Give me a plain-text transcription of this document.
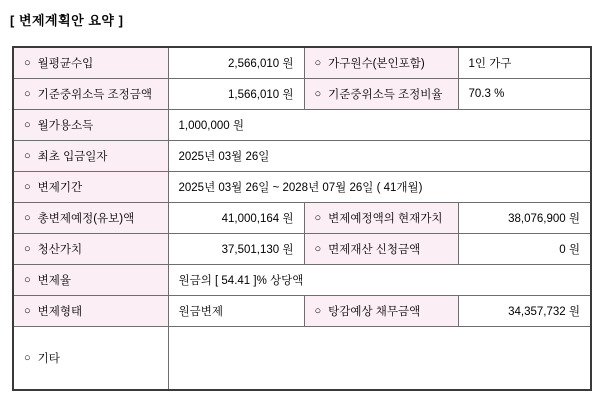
[ 변제계획안 요약 ]
○ 월평균수입	2,566,010 원	○ 가구원수(본인포함)	1인 가구
○ 기준중위소득 조정금액	1,566,010 원	○ 기준중위소득 조정비율	70.3 %
○ 월가용소득	1,000,000 원		
○ 최초 입금일자	2025년 03월 26일		
○ 변제기간	2025년 03월 26일 ~ 2028년 07월 26일 ( 41개월)		
○ 총변제예정(유보)액	41,000,164 원	○ 변제예정액의 현재가치	38,076,900 원
○ 청산가치	37,501,130 원	○ 면제재산 신청금액	0 원
○ 변제율	원금의 [ 54.41 ]% 상당액		
○ 변제형태	원금변제	○ 탕감예상 채무금액	34,357,732 원
○ 기타			
